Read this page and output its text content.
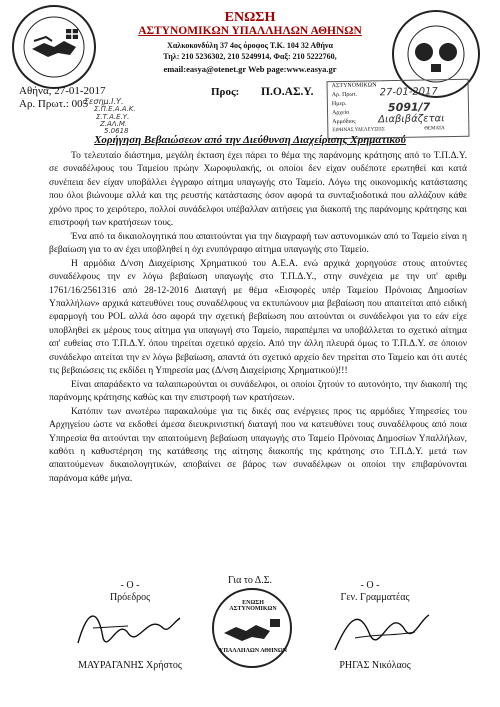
ΕΝΩΣΗ
ΑΣΤΥΝΟΜΙΚΩΝ ΥΠΑΛΛΗΛΩΝ ΑΘΗΝΩΝ
Χαλκοκονδύλη 37 4ος όροφος Τ.Κ. 104 32 Αθήνα
Τηλ: 210 5236302, 210 5249914, Φαξ: 210 5222760,
email:easya@otenet.gr Web page:www.easya.gr
Αθήνα, 27-01-2017
Αρ. Πρωτ.: 005
Προς: Π.Ο.ΑΣ.Υ.
Σεσημ.Ι.Υ.
Σ.Π.Ε.Α.Α.Κ.
Σ.Τ.Α.Ε.Υ.
Ζ.ΑΛ.Μ.
5.0618
ΑΣΤΥΝΟΜΙΚΩΝ
Αρ. Πρωτ.
Ημερ.
Αρχείο
Αρμόδιος
ΕΙΡΗΝΑΣ ΥΔΕΛΕΥΣΕΙΣ	ΘΕΜΑΤΑ
27-01-2017
5091/7
Διαβιβάζεται
Χορήγηση Βεβαιώσεων από την Διεύθυνση Διαχείρισης Χρηματικού

Το τελευταίο διάστημα, μεγάλη έκταση έχει πάρει το θέμα της παράνομης κράτησης από το Τ.Π.Δ.Υ. σε συναδέλφους του Ταμείου πρώην Χωροφυλακής, οι οποίοι δεν είχαν ουδέποτε ερωτηθεί και κατά συνέπεια δεν είχαν υποβάλλει έγγραφο αίτημα υπαγωγής στο Ταμείο. Λόγω της οικονομικής κατάστασης που όλοι βιώνουμε αλλά και της ρευστής κατάστασης όσον αφορά τα συνταξιοδοτικά που αλλάζουν κάθε χρόνο προς το χειρότερο, πολλοί συνάδελφοι υπέβαλλαν αιτήσεις για διακοπή της παράνομης κράτησης και επιστροφή των κρατήσεων τους.

Ένα από τα δικαιολογητικά που απαιτούνται για την διαγραφή των αστυνομικών από το Ταμείο είναι η βεβαίωση για το αν έχει υποβληθεί η όχι ενυπόγραφο αίτημα υπαγωγής στο Ταμείο.

Η αρμόδια Δ/νση Διαχείρισης Χρηματικού του Α.Ε.Α. ενώ αρχικά χορηγούσε στους αιτούντες συναδέλφους την εν λόγω βεβαίωση υπαγωγής στο Τ.Π.Δ.Υ., στην συνέχεια με την υπ' αριθμ 1761/16/2561316 από 28-12-2016 Διαταγή με θέμα «Εισφορές υπέρ Ταμείου Πρόνοιας Δημοσίων Υπαλλήλων» αρχικά κατευθύνει τους συναδέλφους να εκτυπώνουν μια βεβαίωση που απαιτείται από ειδική εφαρμογή του POL αλλά όσο αφορά την σχετική βεβαίωση που αιτούνται οι συνάδελφοι για το εάν είχε υποβληθεί εκ μέρους τους αίτημα για υπαγωγή στο Ταμείο, παραπέμπει να υποβάλλεται το σχετικό αίτημα απ' ευθείας στο Τ.Π.Δ.Υ. όπου τηρείται σχετικό αρχείο. Από την άλλη πλευρά όμως το Τ.Π.Δ.Υ. σε όποιον συνάδελφο αιτείται την εν λόγω βεβαίωση, απαντά ότι σχετικό αρχείο δεν τηρείται στο Ταμείο και ότι αυτές τις βεβαιώσεις τις εκδίδει η Υπηρεσία μας (Δ/νση Διαχείρισης Χρηματικού)!!!

Είναι απαράδεκτο να ταλαιπωρούνται οι συνάδελφοι, οι οποίοι ζητούν το αυτονόητο, την διακοπή της παράνομης κράτησης καθώς και την επιστροφή των κρατήσεων.

Κατόπιν των ανωτέρω παρακαλούμε για τις δικές σας ενέργειες προς τις αρμόδιες Υπηρεσίες του Αρχηγείου ώστε να εκδοθεί άμεσα διευκρινιστική διαταγή που να κατευθύνει τους συναδέλφους από ποια Υπηρεσία θα αιτούνται την απαιτούμενη βεβαίωση υπαγωγής στο Ταμείο Πρόνοιας Δημοσίων Υπαλλήλων, καθότι η καθυστέρηση της κατάθεσης της αίτησης διακοπής της κράτησης στο Τ.Π.Δ.Υ. μετά των απαιτούμενων δικαιολογητικών, αποβαίνει σε βάρος των συναδέλφων οι οποίοι την επιβαρύνονται παράνομα κάθε μήνα.

- Ο -
Πρόεδρος
ΜΑΥΡΑΓΑΝΗΣ Χρήστος
Για το Δ.Σ.
ΕΝΩΣΗ ΑΣΤΥΝΟΜΙΚΩΝ
ΥΠΑΛΛΗΛΩΝ ΑΘΗΝΩΝ
- Ο -
Γεν. Γραμματέας
ΡΗΓΑΣ Νικόλαος
